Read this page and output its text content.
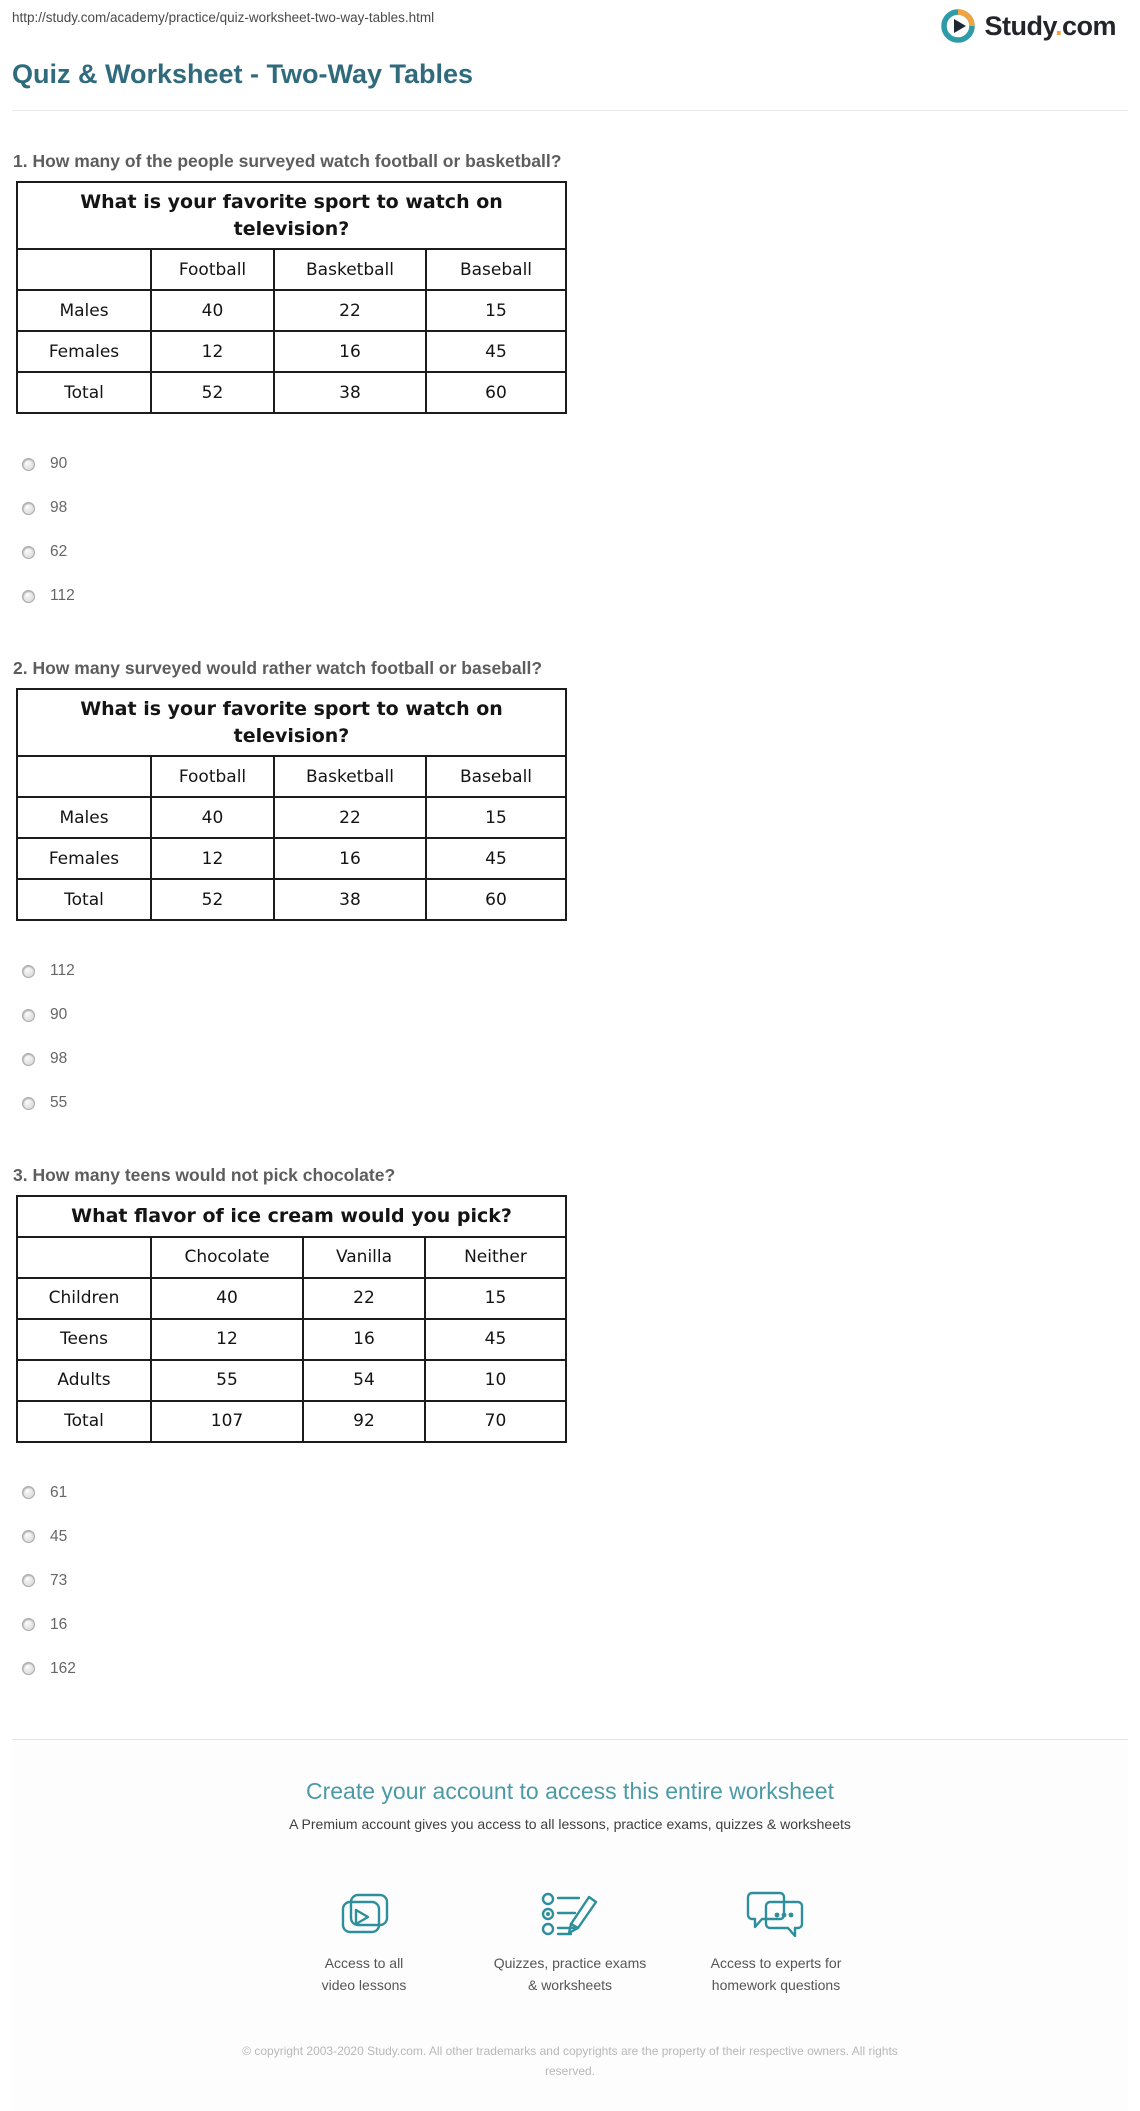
http://study.com/academy/practice/quiz-worksheet-two-way-tables.html	Study.com
Quiz & Worksheet - Two-Way Tables

1. How many of the people surveyed watch football or basketball?

What is your favorite sport to watch on television?			
	Football	Basketball	Baseball
Males	40	22	15
Females	12	16	45
Total	52	38	60
90
98
62
112

2. How many surveyed would rather watch football or baseball?

What is your favorite sport to watch on television?			
	Football	Basketball	Baseball
Males	40	22	15
Females	12	16	45
Total	52	38	60
112
90
98
55

3. How many teens would not pick chocolate?

What flavor of ice cream would you pick?			
	Chocolate	Vanilla	Neither
Children	40	22	15
Teens	12	16	45
Adults	55	54	10
Total	107	92	70
61
45
73
16
162
Create your account to access this entire worksheet
A Premium account gives you access to all lessons, practice exams, quizzes & worksheets
Access to all
video lessons
Quizzes, practice exams
& worksheets
Access to experts for
homework questions
© copyright 2003-2020 Study.com. All other trademarks and copyrights are the property of their respective owners. All rights reserved.
